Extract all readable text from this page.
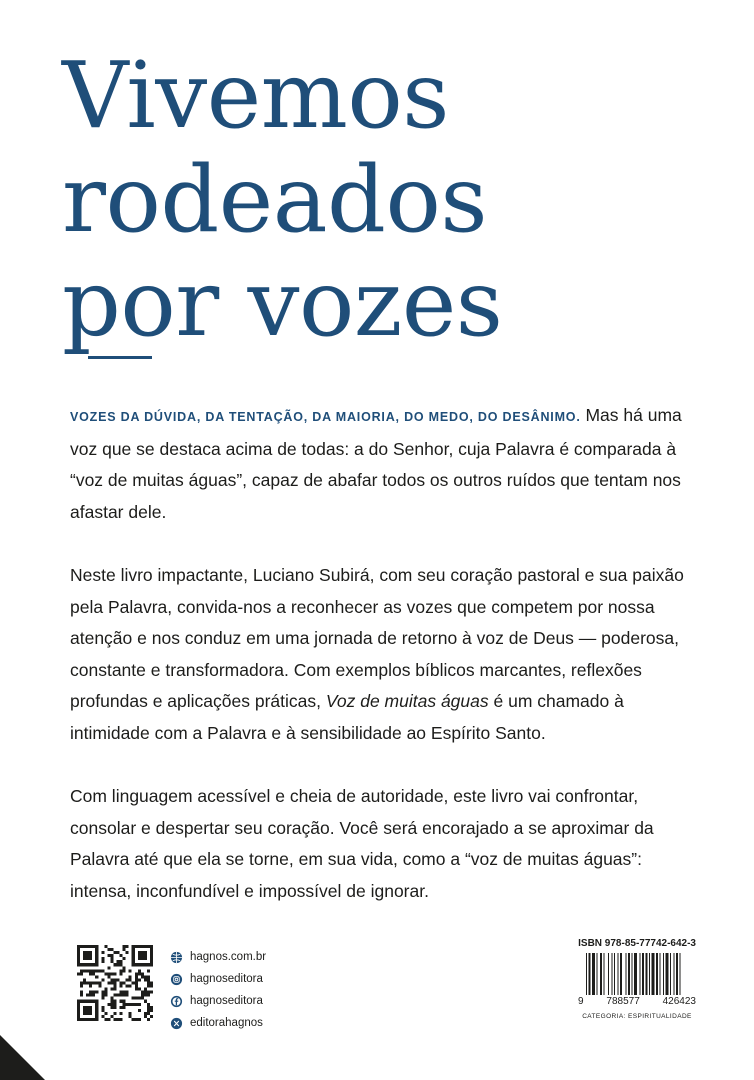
Vivemos
rodeados
por vozes

VOZES DA DÚVIDA, DA TENTAÇÃO, DA MAIORIA, DO MEDO, DO DESÂNIMO. Mas há uma voz que se destaca acima de todas: a do Senhor, cuja Palavra é comparada à “voz de muitas águas”, capaz de abafar todos os outros ruídos que tentam nos afastar dele.

Neste livro impactante, Luciano Subirá, com seu coração pastoral e sua paixão pela Palavra, convida-nos a reconhecer as vozes que competem por nossa atenção e nos conduz em uma jornada de retorno à voz de Deus — poderosa, constante e transformadora. Com exemplos bíblicos marcantes, reflexões profundas e aplicações práticas, Voz de muitas águas é um chamado à intimidade com a Palavra e à sensibilidade ao Espírito Santo.

Com linguagem acessível e cheia de autoridade, este livro vai confrontar, consolar e despertar seu coração. Você será encorajado a se aproximar da Palavra até que ela se torne, em sua vida, como a “voz de muitas águas”: intensa, inconfundível e impossível de ignorar.

hagnos.com.br
hagnoseditora
hagnoseditora
editorahagnos
ISBN 978-85-77742-642-3
9 788577 426423
CATEGORIA: ESPIRITUALIDADE
